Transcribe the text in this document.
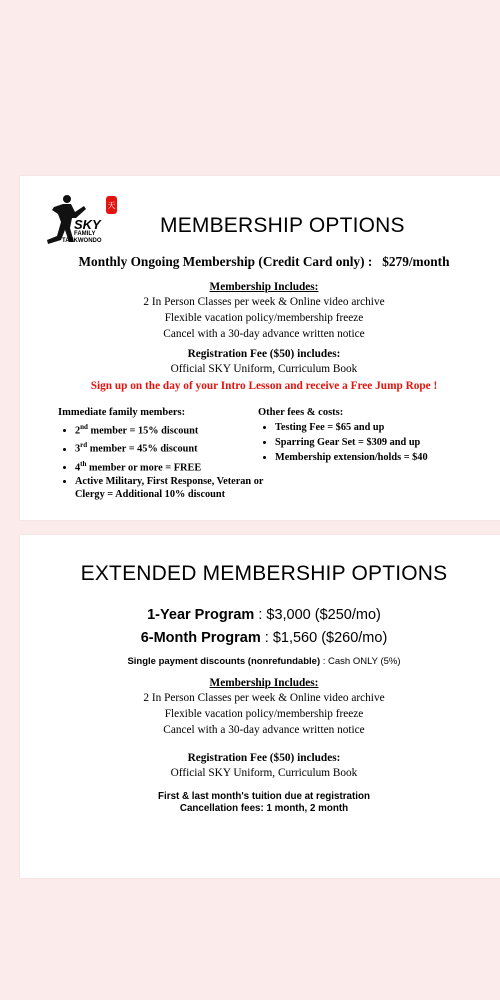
天
SKY
FAMILY
TAEKWONDO
MEMBERSHIP OPTIONS
Monthly Ongoing Membership (Credit Card only) : $279/month
Membership Includes:
2 In Person Classes per week & Online video archive
Flexible vacation policy/membership freeze
Cancel with a 30-day advance written notice
Registration Fee ($50) includes:
Official SKY Uniform, Curriculum Book
Sign up on the day of your Intro Lesson and receive a Free Jump Rope !
Immediate family members:
• 2nd member = 15% discount
• 3rd member = 45% discount
• 4th member or more = FREE
• Active Military, First Response, Veteran or Clergy = Additional 10% discount
Other fees & costs:
• Testing Fee = $65 and up
• Sparring Gear Set = $309 and up
• Membership extension/holds = $40
EXTENDED MEMBERSHIP OPTIONS
1-Year Program : $3,000 ($250/mo)
6-Month Program : $1,560 ($260/mo)
Single payment discounts (nonrefundable) : Cash ONLY (5%)
Membership Includes:
2 In Person Classes per week & Online video archive
Flexible vacation policy/membership freeze
Cancel with a 30-day advance written notice
Registration Fee ($50) includes:
Official SKY Uniform, Curriculum Book
First & last month's tuition due at registration
Cancellation fees: 1 month, 2 month
